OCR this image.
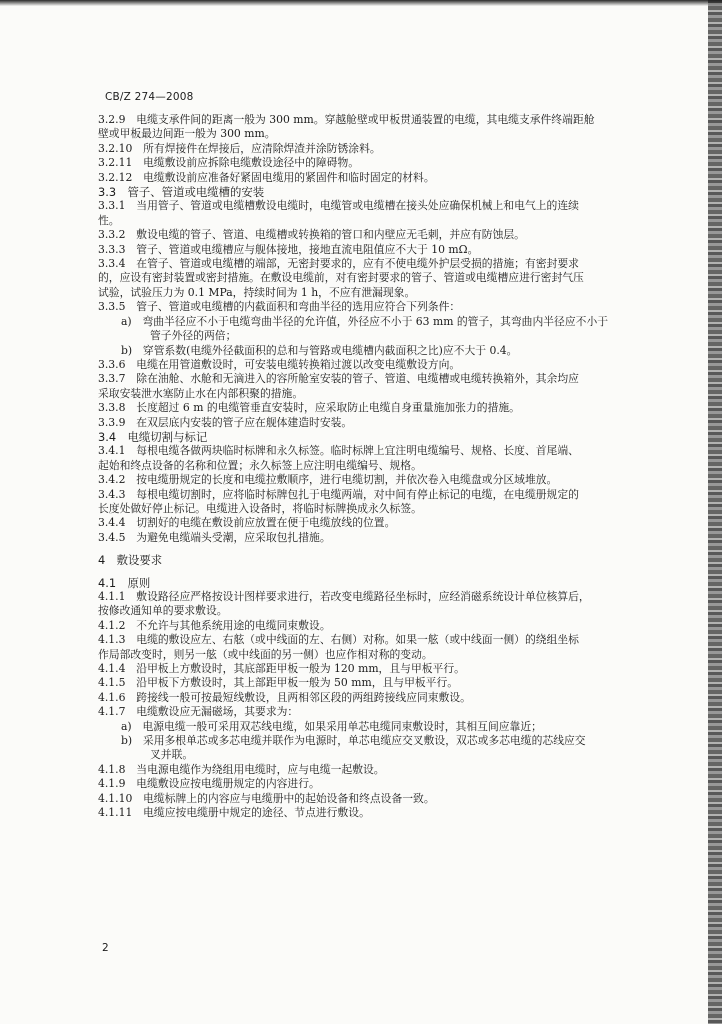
CB/Z 274—2008
3.2.9　电缆支承件间的距离一般为 300 mm。穿越舱壁或甲板贯通装置的电缆，其电缆支承件终端距舱
壁或甲板最边间距一般为 300 mm。
3.2.10　所有焊接件在焊接后，应清除焊渣并涂防锈涂料。
3.2.11　电缆敷设前应拆除电缆敷设途径中的障碍物。
3.2.12　电缆敷设前应准备好紧固电缆用的紧固件和临时固定的材料。
3.3　管子、管道或电缆槽的安装
3.3.1　当用管子、管道或电缆槽敷设电缆时，电缆管或电缆槽在接头处应确保机械上和电气上的连续
性。
3.3.2　敷设电缆的管子、管道、电缆槽或转换箱的管口和内壁应无毛刺，并应有防蚀层。
3.3.3　管子、管道或电缆槽应与舰体接地，接地直流电阻值应不大于 10 mΩ。
3.3.4　在管子、管道或电缆槽的端部，无密封要求的，应有不使电缆外护层受损的措施；有密封要求
的，应设有密封装置或密封措施。在敷设电缆前，对有密封要求的管子、管道或电缆槽应进行密封气压
试验，试验压力为 0.1 MPa，持续时间为 1 h，不应有泄漏现象。
3.3.5　管子、管道或电缆槽的内截面积和弯曲半径的选用应符合下列条件：
a)　弯曲半径应不小于电缆弯曲半径的允许值，外径应不小于 63 mm 的管子，其弯曲内半径应不小于
管子外径的两倍；
b)　穿管系数(电缆外径截面积的总和与管路或电缆槽内截面积之比)应不大于 0.4。
3.3.6　电缆在用管道敷设时，可安装电缆转换箱过渡以改变电缆敷设方向。
3.3.7　除在油舱、水舱和无滴进入的容所舱室安装的管子、管道、电缆槽或电缆转换箱外，其余均应
采取安装泄水塞防止水在内部积聚的措施。
3.3.8　长度超过 6 m 的电缆管垂直安装时，应采取防止电缆自身重量施加张力的措施。
3.3.9　在双层底内安装的管子应在舰体建造时安装。
3.4　电缆切割与标记
3.4.1　每根电缆各做两块临时标牌和永久标签。临时标牌上宜注明电缆编号、规格、长度、首尾端、
起始和终点设备的名称和位置；永久标签上应注明电缆编号、规格。
3.4.2　按电缆册规定的长度和电缆拉敷顺序，进行电缆切割，并依次卷入电缆盘或分区域堆放。
3.4.3　每根电缆切割时，应将临时标牌包扎于电缆两端，对中间有停止标记的电缆，在电缆册规定的
长度处做好停止标记。电缆进入设备时，将临时标牌换成永久标签。
3.4.4　切割好的电缆在敷设前应放置在便于电缆放线的位置。
3.4.5　为避免电缆端头受潮，应采取包扎措施。
4　敷设要求
4.1　原则
4.1.1　敷设路径应严格按设计图样要求进行，若改变电缆路径坐标时，应经消磁系统设计单位核算后，
按修改通知单的要求敷设。
4.1.2　不允许与其他系统用途的电缆同束敷设。
4.1.3　电缆的敷设应左、右舷（或中线面的左、右侧）对称。如果一舷（或中线面一侧）的绕组坐标
作局部改变时，则另一舷（或中线面的另一侧）也应作相对称的变动。
4.1.4　沿甲板上方敷设时，其底部距甲板一般为 120 mm，且与甲板平行。
4.1.5　沿甲板下方敷设时，其上部距甲板一般为 50 mm，且与甲板平行。
4.1.6　跨接线一般可按最短线敷设，且两相邻区段的两组跨接线应同束敷设。
4.1.7　电缆敷设应无漏磁场，其要求为：
a)　电源电缆一般可采用双芯线电缆，如果采用单芯电缆同束敷设时，其相互间应靠近；
b)　采用多根单芯或多芯电缆并联作为电源时，单芯电缆应交叉敷设，双芯或多芯电缆的芯线应交
叉并联。
4.1.8　当电源电缆作为绕组用电缆时，应与电缆一起敷设。
4.1.9　电缆敷设应按电缆册规定的内容进行。
4.1.10　电缆标牌上的内容应与电缆册中的起始设备和终点设备一致。
4.1.11　电缆应按电缆册中规定的途径、节点进行敷设。
2
